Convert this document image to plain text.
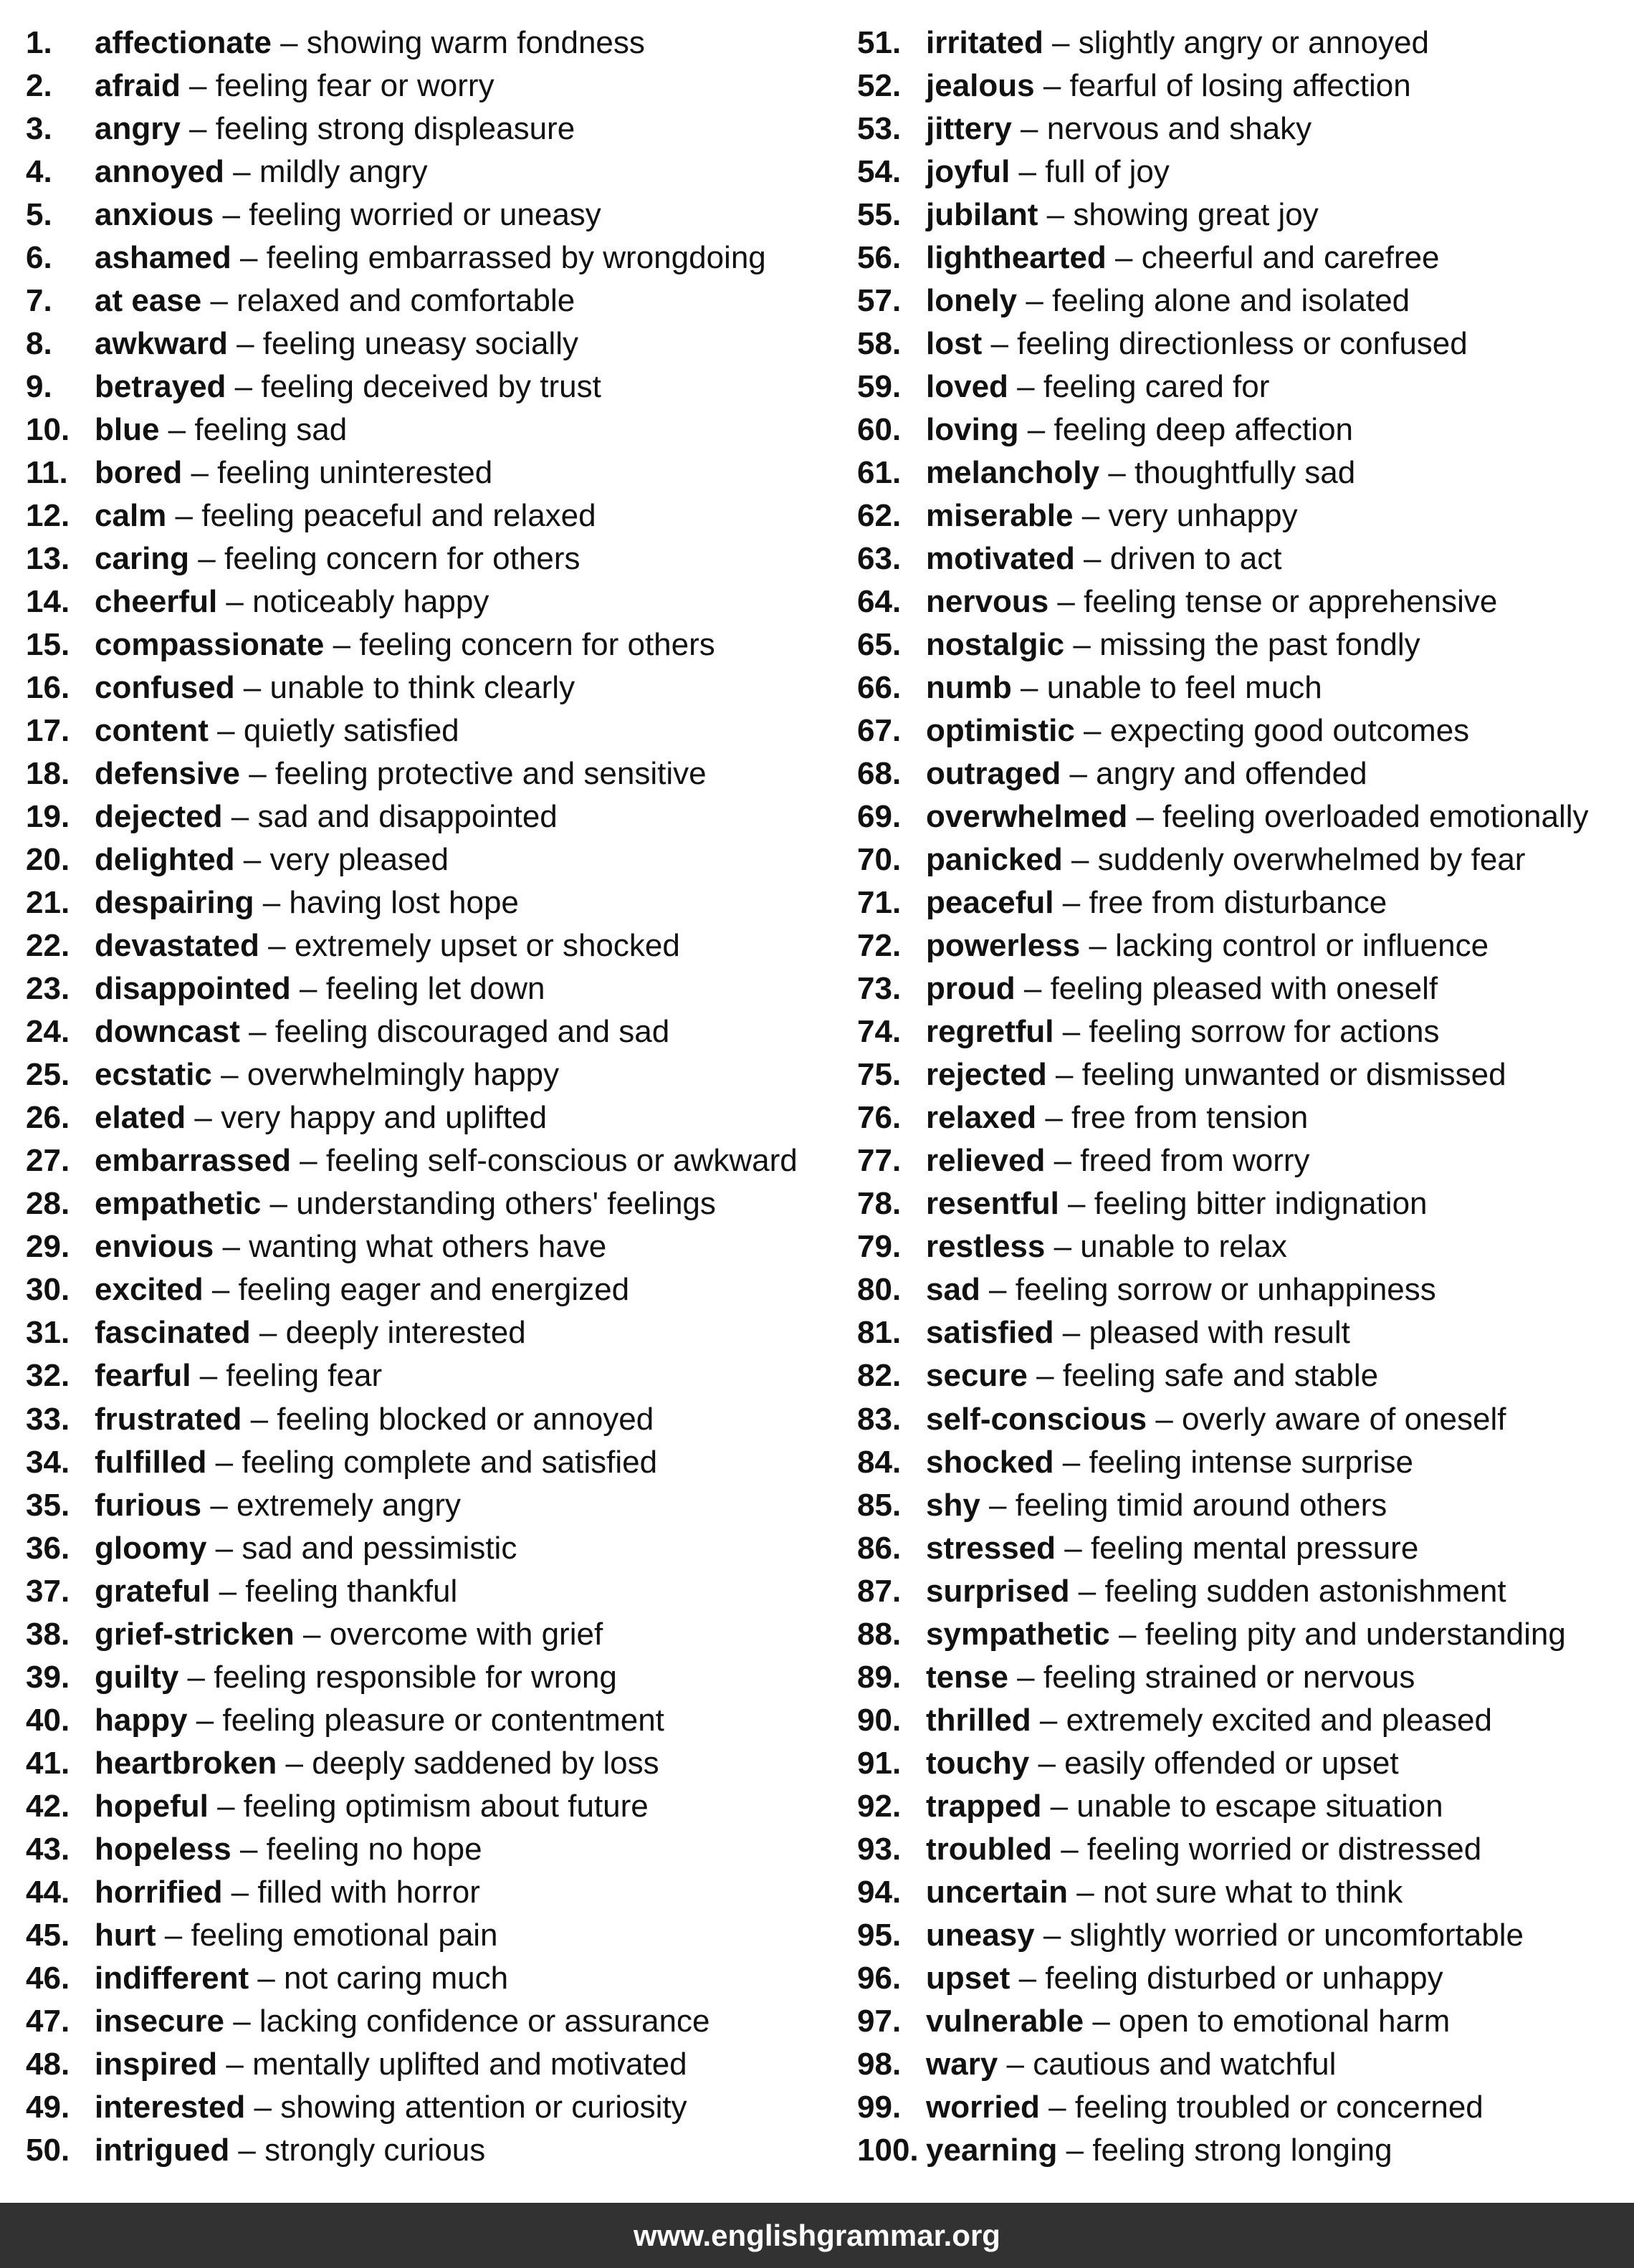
1.	affectionate – showing warm fondness
2.	afraid – feeling fear or worry
3.	angry – feeling strong displeasure
4.	annoyed – mildly angry
5.	anxious – feeling worried or uneasy
6.	ashamed – feeling embarrassed by wrongdoing
7.	at ease – relaxed and comfortable
8.	awkward – feeling uneasy socially
9.	betrayed – feeling deceived by trust
10. blue – feeling sad
11. bored – feeling uninterested
12. calm – feeling peaceful and relaxed
13. caring – feeling concern for others
14. cheerful – noticeably happy
15. compassionate – feeling concern for others
16. confused – unable to think clearly
17. content – quietly satisfied
18. defensive – feeling protective and sensitive
19. dejected – sad and disappointed
20. delighted – very pleased
21. despairing – having lost hope
22. devastated – extremely upset or shocked
23. disappointed – feeling let down
24. downcast – feeling discouraged and sad
25. ecstatic – overwhelmingly happy
26. elated – very happy and uplifted
27. embarrassed – feeling self-conscious or awkward
28. empathetic – understanding others' feelings
29. envious – wanting what others have
30. excited – feeling eager and energized
31. fascinated – deeply interested
32. fearful – feeling fear
33. frustrated – feeling blocked or annoyed
34. fulfilled – feeling complete and satisfied
35. furious – extremely angry
36. gloomy – sad and pessimistic
37. grateful – feeling thankful
38. grief-stricken – overcome with grief
39. guilty – feeling responsible for wrong
40. happy – feeling pleasure or contentment
41. heartbroken – deeply saddened by loss
42. hopeful – feeling optimism about future
43. hopeless – feeling no hope
44. horrified – filled with horror
45. hurt – feeling emotional pain
46. indifferent – not caring much
47. insecure – lacking confidence or assurance
48. inspired – mentally uplifted and motivated
49. interested – showing attention or curiosity
50. intrigued – strongly curious
51. irritated – slightly angry or annoyed
52. jealous – fearful of losing affection
53. jittery – nervous and shaky
54. joyful – full of joy
55. jubilant – showing great joy
56. lighthearted – cheerful and carefree
57. lonely – feeling alone and isolated
58. lost – feeling directionless or confused
59. loved – feeling cared for
60. loving – feeling deep affection
61. melancholy – thoughtfully sad
62. miserable – very unhappy
63. motivated – driven to act
64. nervous – feeling tense or apprehensive
65. nostalgic – missing the past fondly
66. numb – unable to feel much
67. optimistic – expecting good outcomes
68. outraged – angry and offended
69. overwhelmed – feeling overloaded emotionally
70. panicked – suddenly overwhelmed by fear
71. peaceful – free from disturbance
72. powerless – lacking control or influence
73. proud – feeling pleased with oneself
74. regretful – feeling sorrow for actions
75. rejected – feeling unwanted or dismissed
76. relaxed – free from tension
77. relieved – freed from worry
78. resentful – feeling bitter indignation
79. restless – unable to relax
80. sad – feeling sorrow or unhappiness
81. satisfied – pleased with result
82. secure – feeling safe and stable
83. self-conscious – overly aware of oneself
84. shocked – feeling intense surprise
85. shy – feeling timid around others
86. stressed – feeling mental pressure
87. surprised – feeling sudden astonishment
88. sympathetic – feeling pity and understanding
89. tense – feeling strained or nervous
90. thrilled – extremely excited and pleased
91. touchy – easily offended or upset
92. trapped – unable to escape situation
93. troubled – feeling worried or distressed
94. uncertain – not sure what to think
95. uneasy – slightly worried or uncomfortable
96. upset – feeling disturbed or unhappy
97. vulnerable – open to emotional harm
98. wary – cautious and watchful
99. worried – feeling troubled or concerned
100. yearning – feeling strong longing
www.englishgrammar.org
